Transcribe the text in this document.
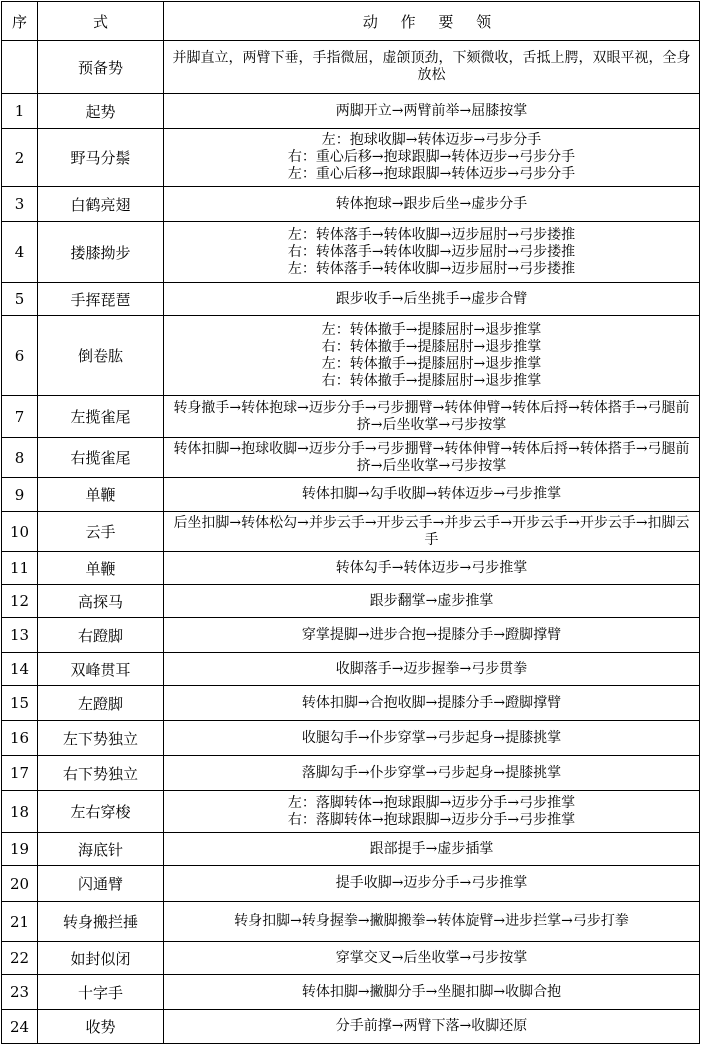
序	式	动 作 要 领
	预备势	并脚直立，两臂下垂，手指微屈，虚颌顶劲，下颏微收，舌抵上腭，双眼平视，全身放松

1	起势	两脚开立→两臂前举→屈膝按掌

2	野马分鬃	左：抱球收脚→转体迈步→弓步分手
右：重心后移→抱球跟脚→转体迈步→弓步分手
左：重心后移→抱球跟脚→转体迈步→弓步分手

3	白鹤亮翅	转体抱球→跟步后坐→虚步分手

4	搂膝拗步	左：转体落手→转体收脚→迈步屈肘→弓步搂推
右：转体落手→转体收脚→迈步屈肘→弓步搂推
左：转体落手→转体收脚→迈步屈肘→弓步搂推

5	手挥琵琶	跟步收手→后坐挑手→虚步合臂

6	倒卷肱	左：转体撤手→提膝屈肘→退步推掌
右：转体撤手→提膝屈肘→退步推掌
左：转体撤手→提膝屈肘→退步推掌
右：转体撤手→提膝屈肘→退步推掌

7	左揽雀尾	转身撤手→转体抱球→迈步分手→弓步掤臂→转体伸臂→转体后捋→转体搭手→弓腿前挤→后坐收掌→弓步按掌

8	右揽雀尾	转体扣脚→抱球收脚→迈步分手→弓步掤臂→转体伸臂→转体后捋→转体搭手→弓腿前挤→后坐收掌→弓步按掌

9	单鞭	转体扣脚→勾手收脚→转体迈步→弓步推掌

10	云手	后坐扣脚→转体松勾→并步云手→开步云手→并步云手→开步云手→开步云手→扣脚云手

11	单鞭	转体勾手→转体迈步→弓步推掌

12	高探马	跟步翻掌→虚步推掌

13	右蹬脚	穿掌提脚→进步合抱→提膝分手→蹬脚撑臂

14	双峰贯耳	收脚落手→迈步握拳→弓步贯拳

15	左蹬脚	转体扣脚→合抱收脚→提膝分手→蹬脚撑臂

16	左下势独立	收腿勾手→仆步穿掌→弓步起身→提膝挑掌

17	右下势独立	落脚勾手→仆步穿掌→弓步起身→提膝挑掌

18	左右穿梭	左：落脚转体→抱球跟脚→迈步分手→弓步推掌
右：落脚转体→抱球跟脚→迈步分手→弓步推掌

19	海底针	跟部提手→虚步插掌

20	闪通臂	提手收脚→迈步分手→弓步推掌

21	转身搬拦捶	转身扣脚→转身握拳→撇脚搬拳→转体旋臂→进步拦掌→弓步打拳

22	如封似闭	穿掌交叉→后坐收掌→弓步按掌

23	十字手	转体扣脚→撇脚分手→坐腿扣脚→收脚合抱

24	收势	分手前撑→两臂下落→收脚还原
